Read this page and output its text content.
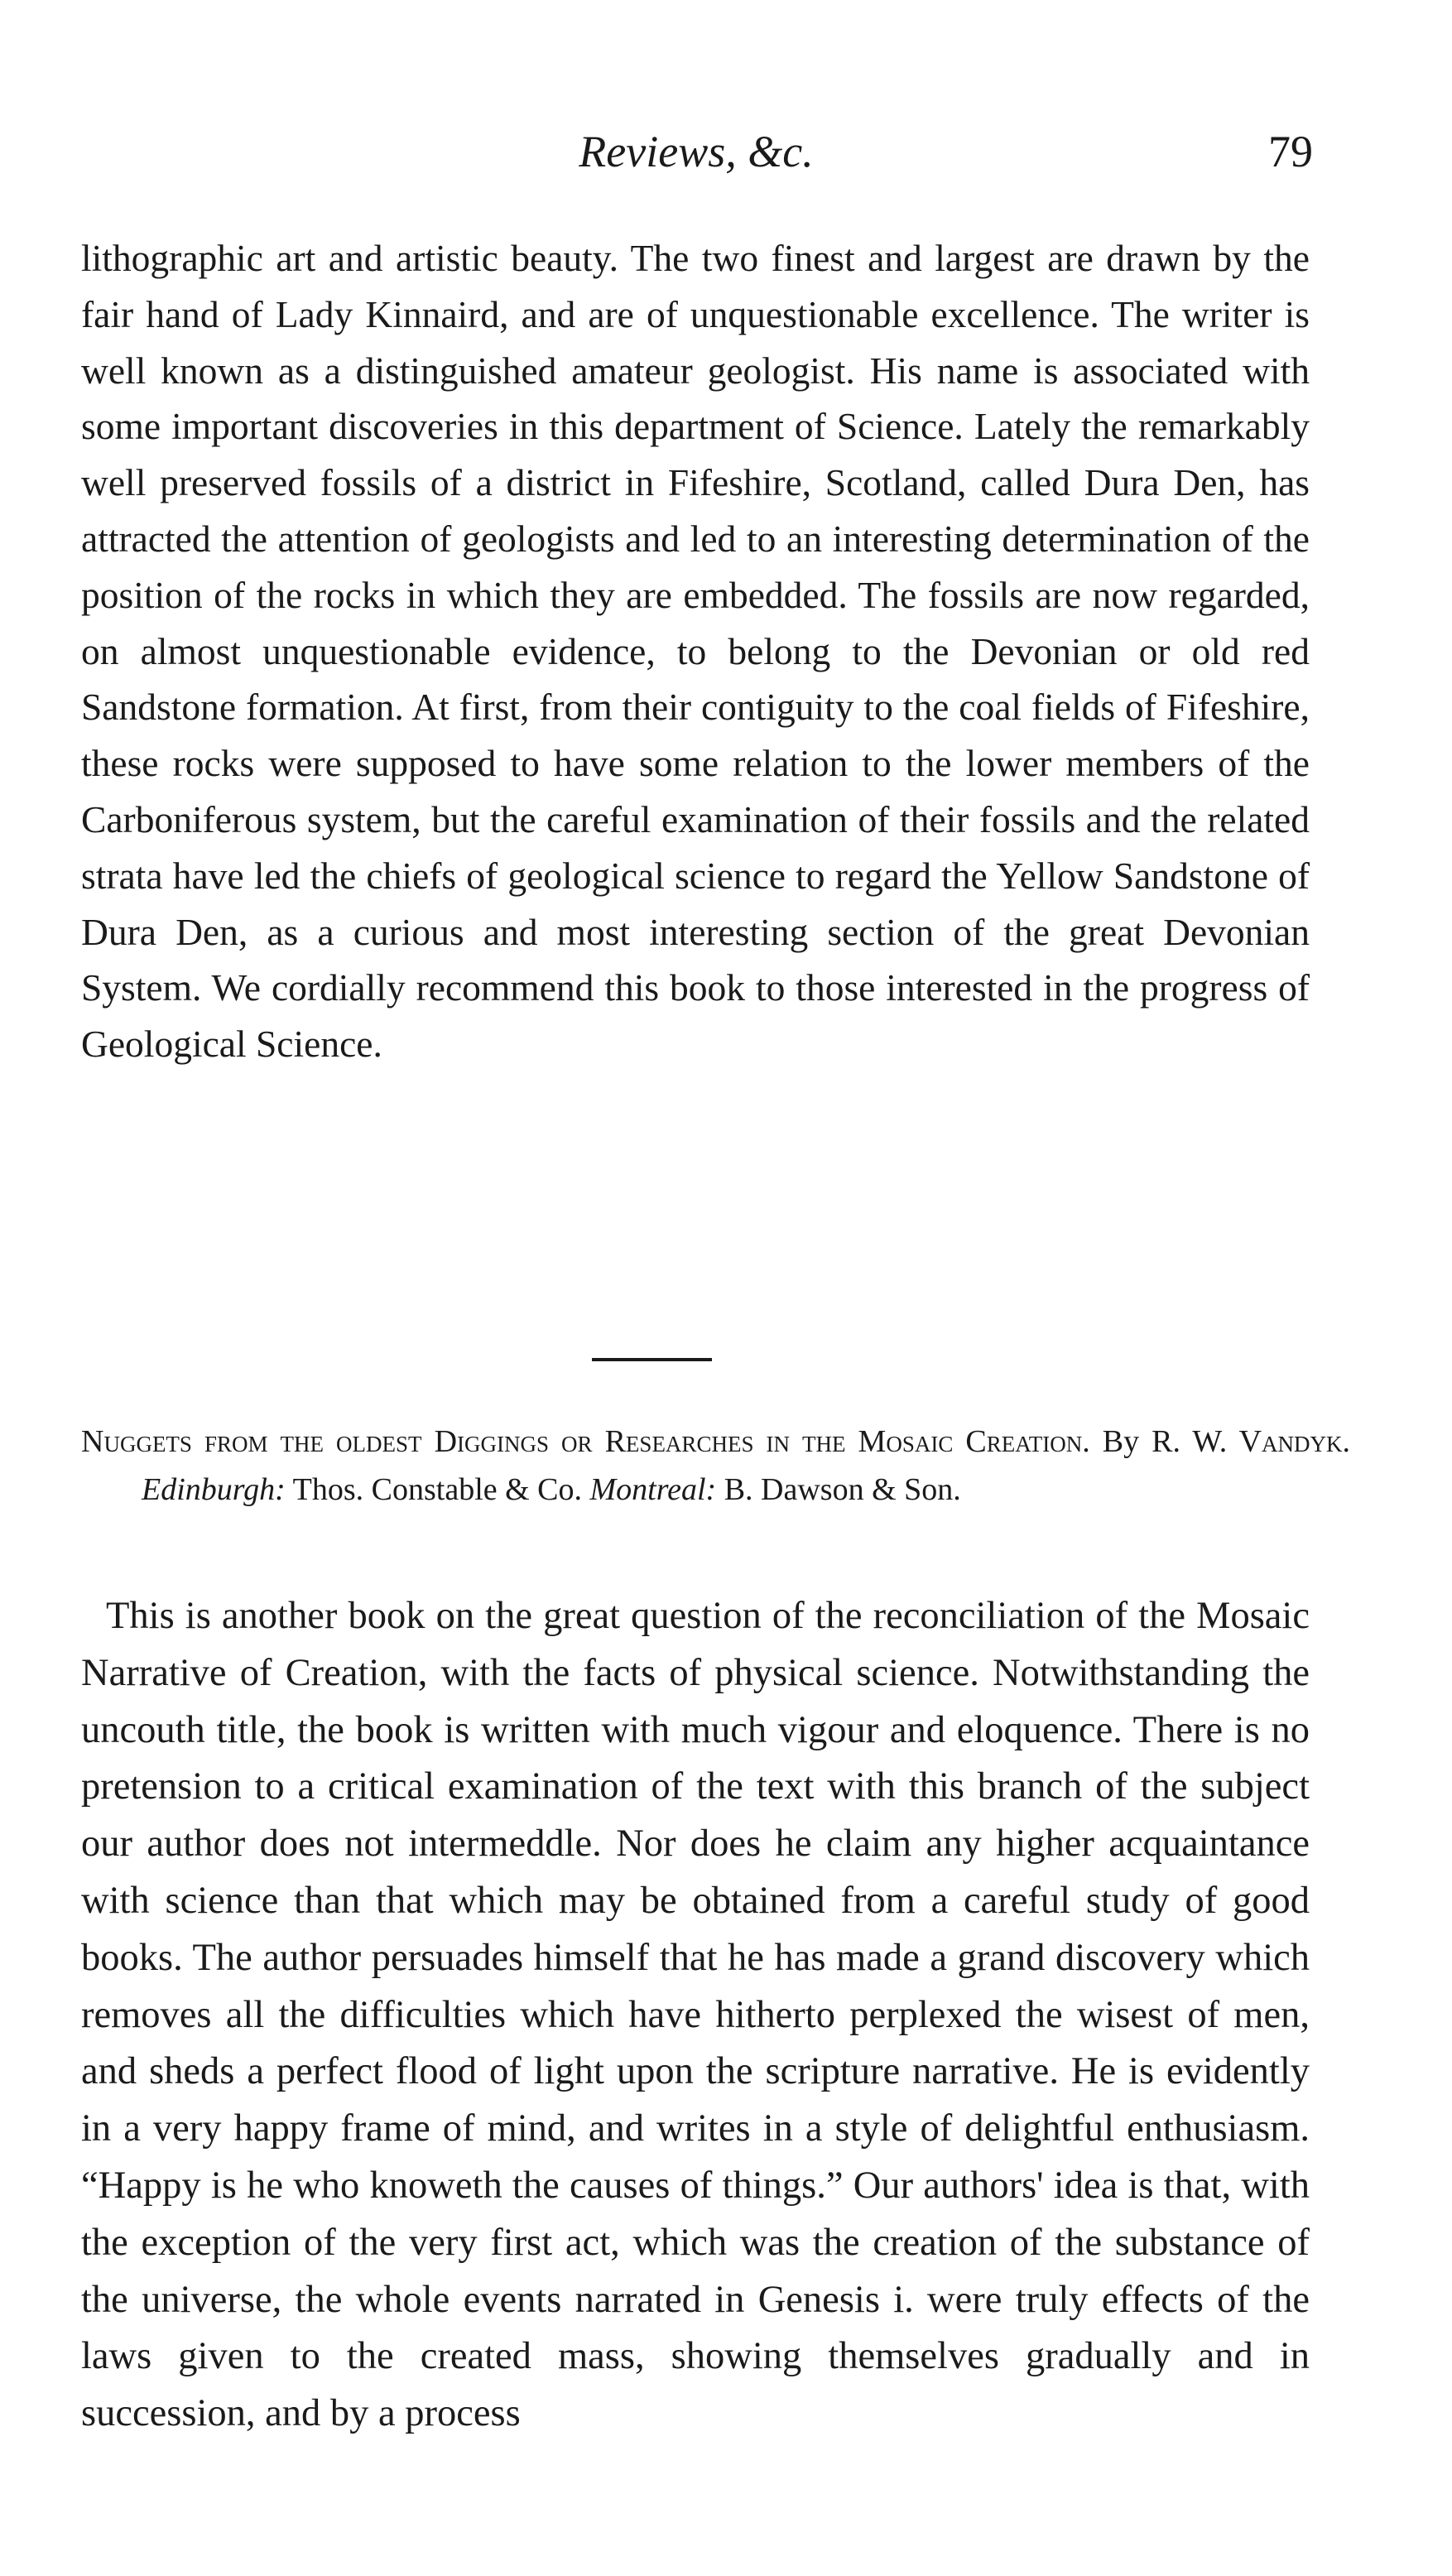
Reviews, &c.	79

lithographic art and artistic beauty. The two finest and largest are drawn by the fair hand of Lady Kinnaird, and are of unquestionable excellence. The writer is well known as a distinguished amateur geologist. His name is associated with some important discoveries in this department of Science. Lately the remarkably well preserved fossils of a district in Fifeshire, Scotland, called Dura Den, has attracted the attention of geologists and led to an interesting determination of the position of the rocks in which they are embedded. The fossils are now regarded, on almost unquestionable evidence, to belong to the Devonian or old red Sandstone formation. At first, from their contiguity to the coal fields of Fifeshire, these rocks were supposed to have some relation to the lower members of the Carboniferous system, but the careful examination of their fossils and the related strata have led the chiefs of geological science to regard the Yellow Sandstone of Dura Den, as a curious and most interesting section of the great Devonian System. We cordially recommend this book to those interested in the progress of Geological Science.

Nuggets from the oldest Diggings or Researches in the Mosaic Creation. By R. W. Vandyk. Edinburgh: Thos. Constable & Co. Montreal: B. Dawson & Son.

This is another book on the great question of the reconciliation of the Mosaic Narrative of Creation, with the facts of physical science. Notwithstanding the uncouth title, the book is written with much vigour and eloquence. There is no pretension to a critical examination of the text with this branch of the subject our author does not intermeddle. Nor does he claim any higher acquaintance with science than that which may be obtained from a careful study of good books. The author persuades himself that he has made a grand discovery which removes all the difficulties which have hitherto perplexed the wisest of men, and sheds a perfect flood of light upon the scripture narrative. He is evidently in a very happy frame of mind, and writes in a style of delightful enthusiasm. “Happy is he who knoweth the causes of things.” Our authors' idea is that, with the exception of the very first act, which was the creation of the substance of the universe, the whole events narrated in Genesis i. were truly effects of the laws given to the created mass, showing themselves gradually and in succession, and by a process
